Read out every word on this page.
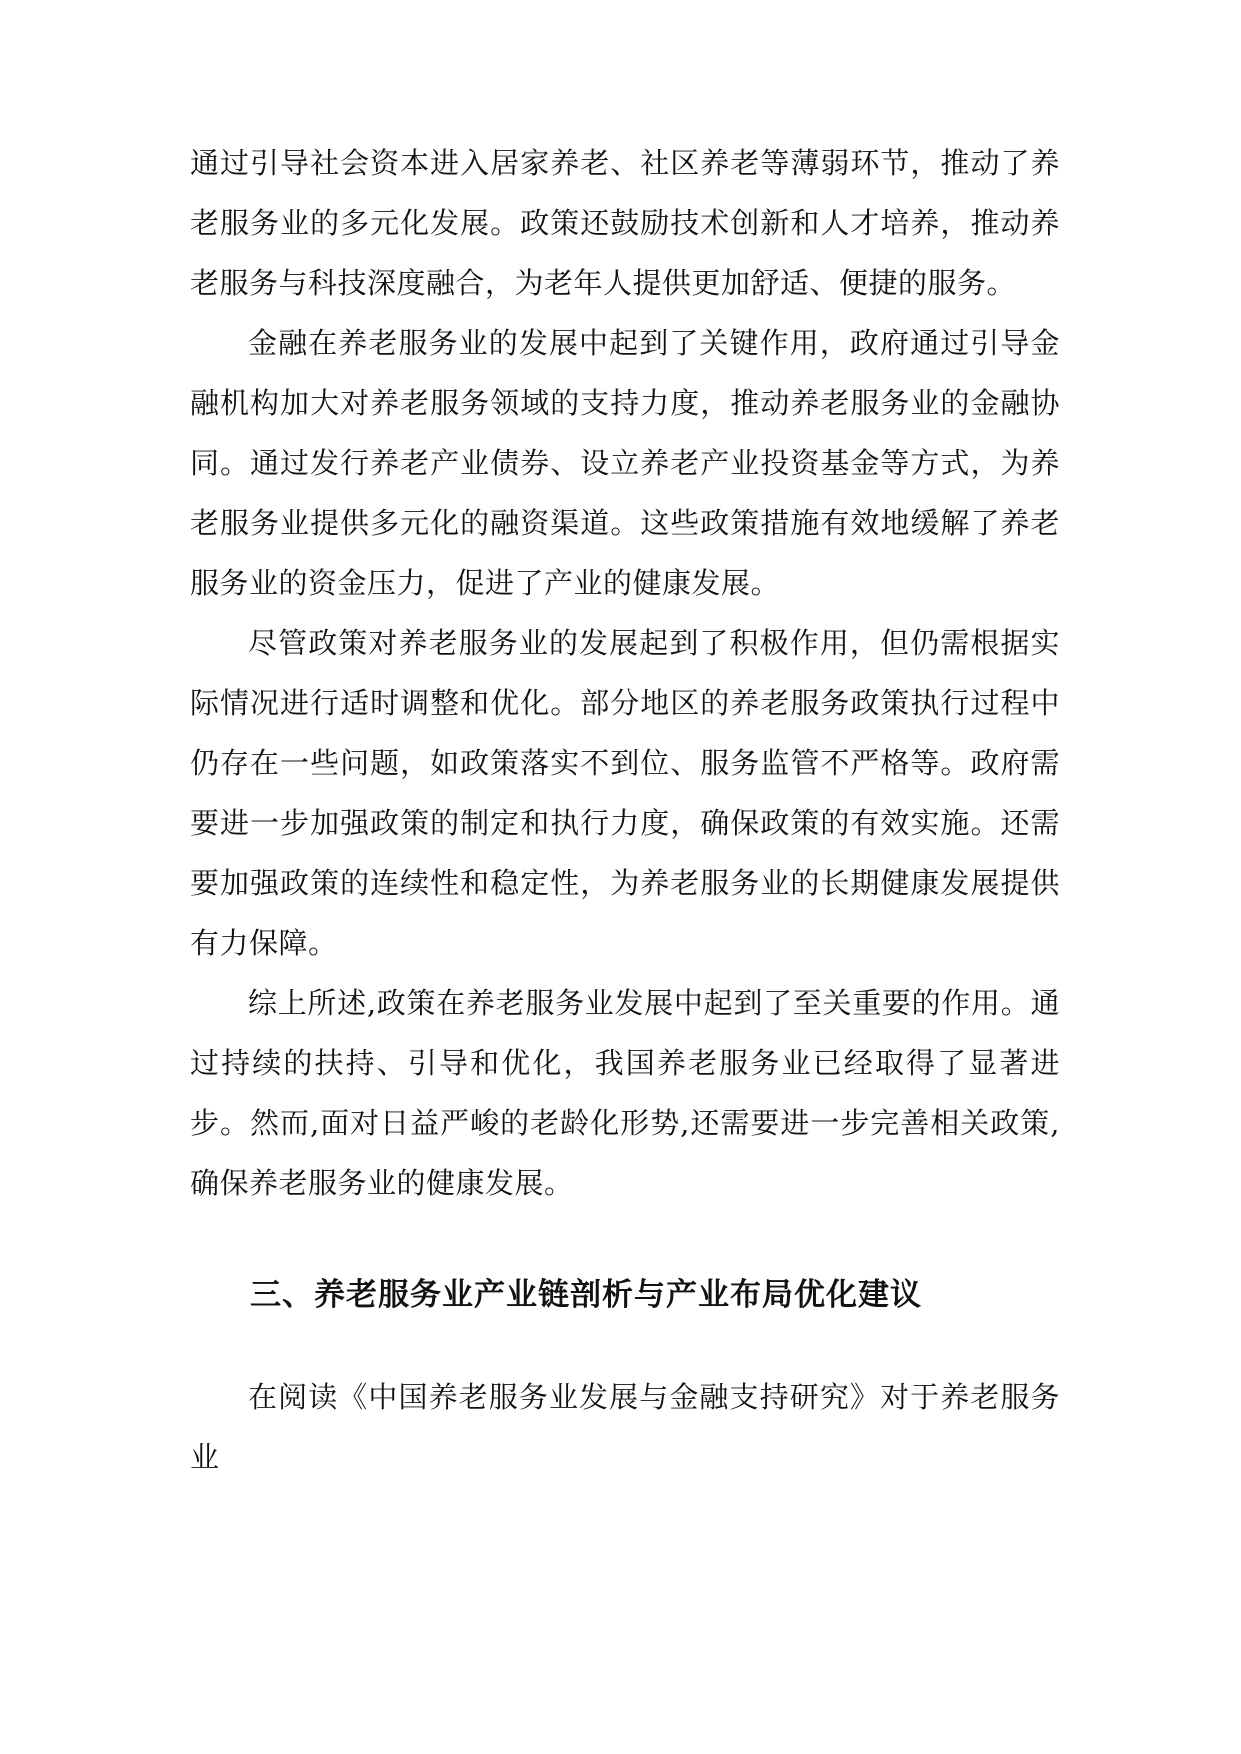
通过引导社会资本进入居家养老、社区养老等薄弱环节，推动了养老服务业的多元化发展。政策还鼓励技术创新和人才培养，推动养老服务与科技深度融合，为老年人提供更加舒适、便捷的服务。

金融在养老服务业的发展中起到了关键作用，政府通过引导金融机构加大对养老服务领域的支持力度，推动养老服务业的金融协同。通过发行养老产业债券、设立养老产业投资基金等方式，为养老服务业提供多元化的融资渠道。这些政策措施有效地缓解了养老服务业的资金压力，促进了产业的健康发展。

尽管政策对养老服务业的发展起到了积极作用，但仍需根据实际情况进行适时调整和优化。部分地区的养老服务政策执行过程中仍存在一些问题，如政策落实不到位、服务监管不严格等。政府需要进一步加强政策的制定和执行力度，确保政策的有效实施。还需要加强政策的连续性和稳定性，为养老服务业的长期健康发展提供有力保障。

综上所述,政策在养老服务业发展中起到了至关重要的作用。通过持续的扶持、引导和优化，我国养老服务业已经取得了显著进步。然而,面对日益严峻的老龄化形势,还需要进一步完善相关政策,确保养老服务业的健康发展。

三、养老服务业产业链剖析与产业布局优化建议

在阅读《中国养老服务业发展与金融支持研究》对于养老服务业
